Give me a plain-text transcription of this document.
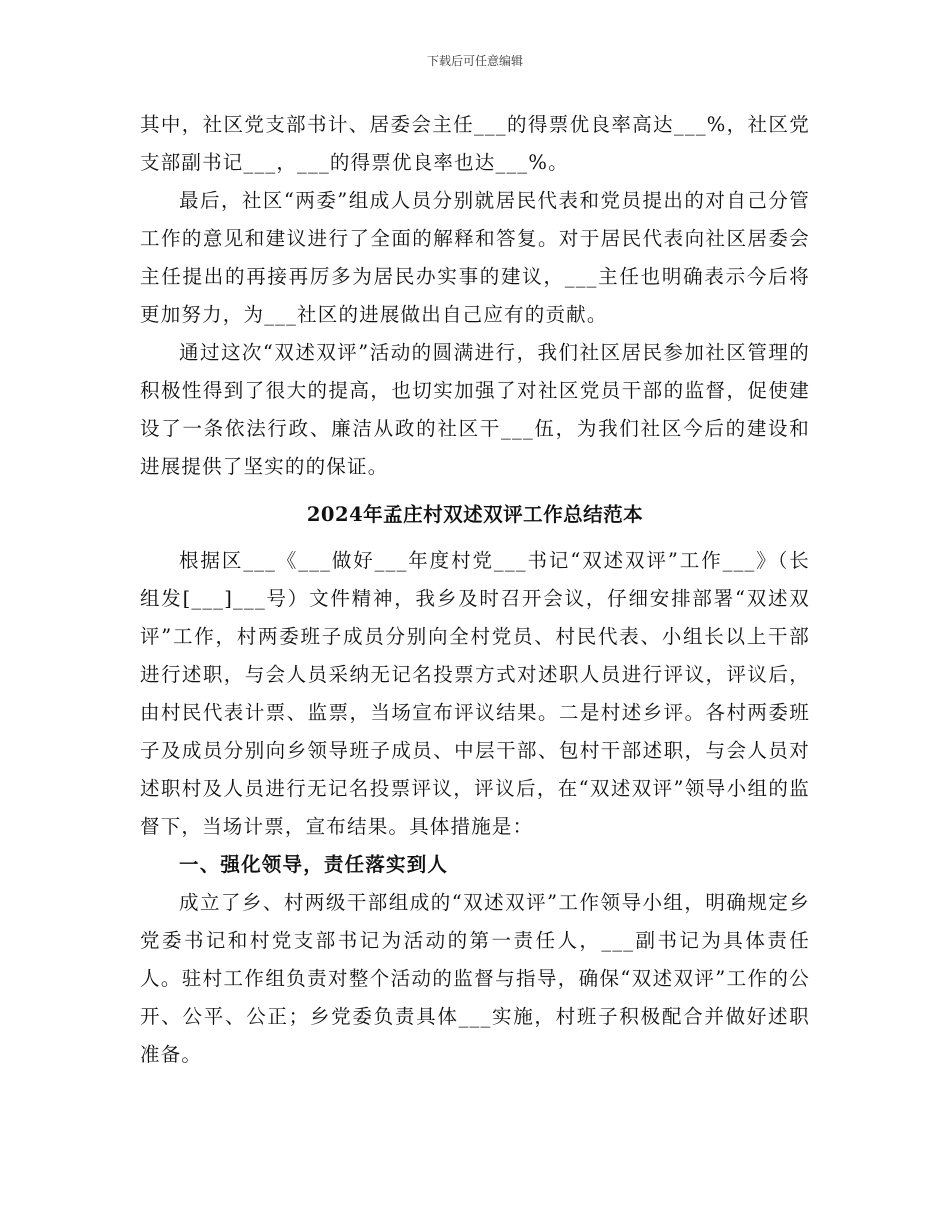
下载后可任意编辑

其中，社区党支部书计、居委会主任___的得票优良率高达___%，社区党支部副书记___，___的得票优良率也达___%。

最后，社区“两委”组成人员分别就居民代表和党员提出的对自己分管工作的意见和建议进行了全面的解释和答复。对于居民代表向社区居委会主任提出的再接再厉多为居民办实事的建议，___主任也明确表示今后将更加努力，为___社区的进展做出自己应有的贡献。

通过这次“双述双评”活动的圆满进行，我们社区居民参加社区管理的积极性得到了很大的提高，也切实加强了对社区党员干部的监督，促使建设了一条依法行政、廉洁从政的社区干___伍，为我们社区今后的建设和进展提供了坚实的的保证。

2024年孟庄村双述双评工作总结范本

根据区___《___做好___年度村党___书记“双述双评”工作___》（长组发[___]___号）文件精神，我乡及时召开会议，仔细安排部署“双述双评”工作，村两委班子成员分别向全村党员、村民代表、小组长以上干部进行述职，与会人员采纳无记名投票方式对述职人员进行评议，评议后，由村民代表计票、监票，当场宣布评议结果。二是村述乡评。各村两委班子及成员分别向乡领导班子成员、中层干部、包村干部述职，与会人员对述职村及人员进行无记名投票评议，评议后，在“双述双评”领导小组的监督下，当场计票，宣布结果。具体措施是：

一、强化领导，责任落实到人

成立了乡、村两级干部组成的“双述双评”工作领导小组，明确规定乡党委书记和村党支部书记为活动的第一责任人，___副书记为具体责任人。驻村工作组负责对整个活动的监督与指导，确保“双述双评”工作的公开、公平、公正；乡党委负责具体___实施，村班子积极配合并做好述职准备。
